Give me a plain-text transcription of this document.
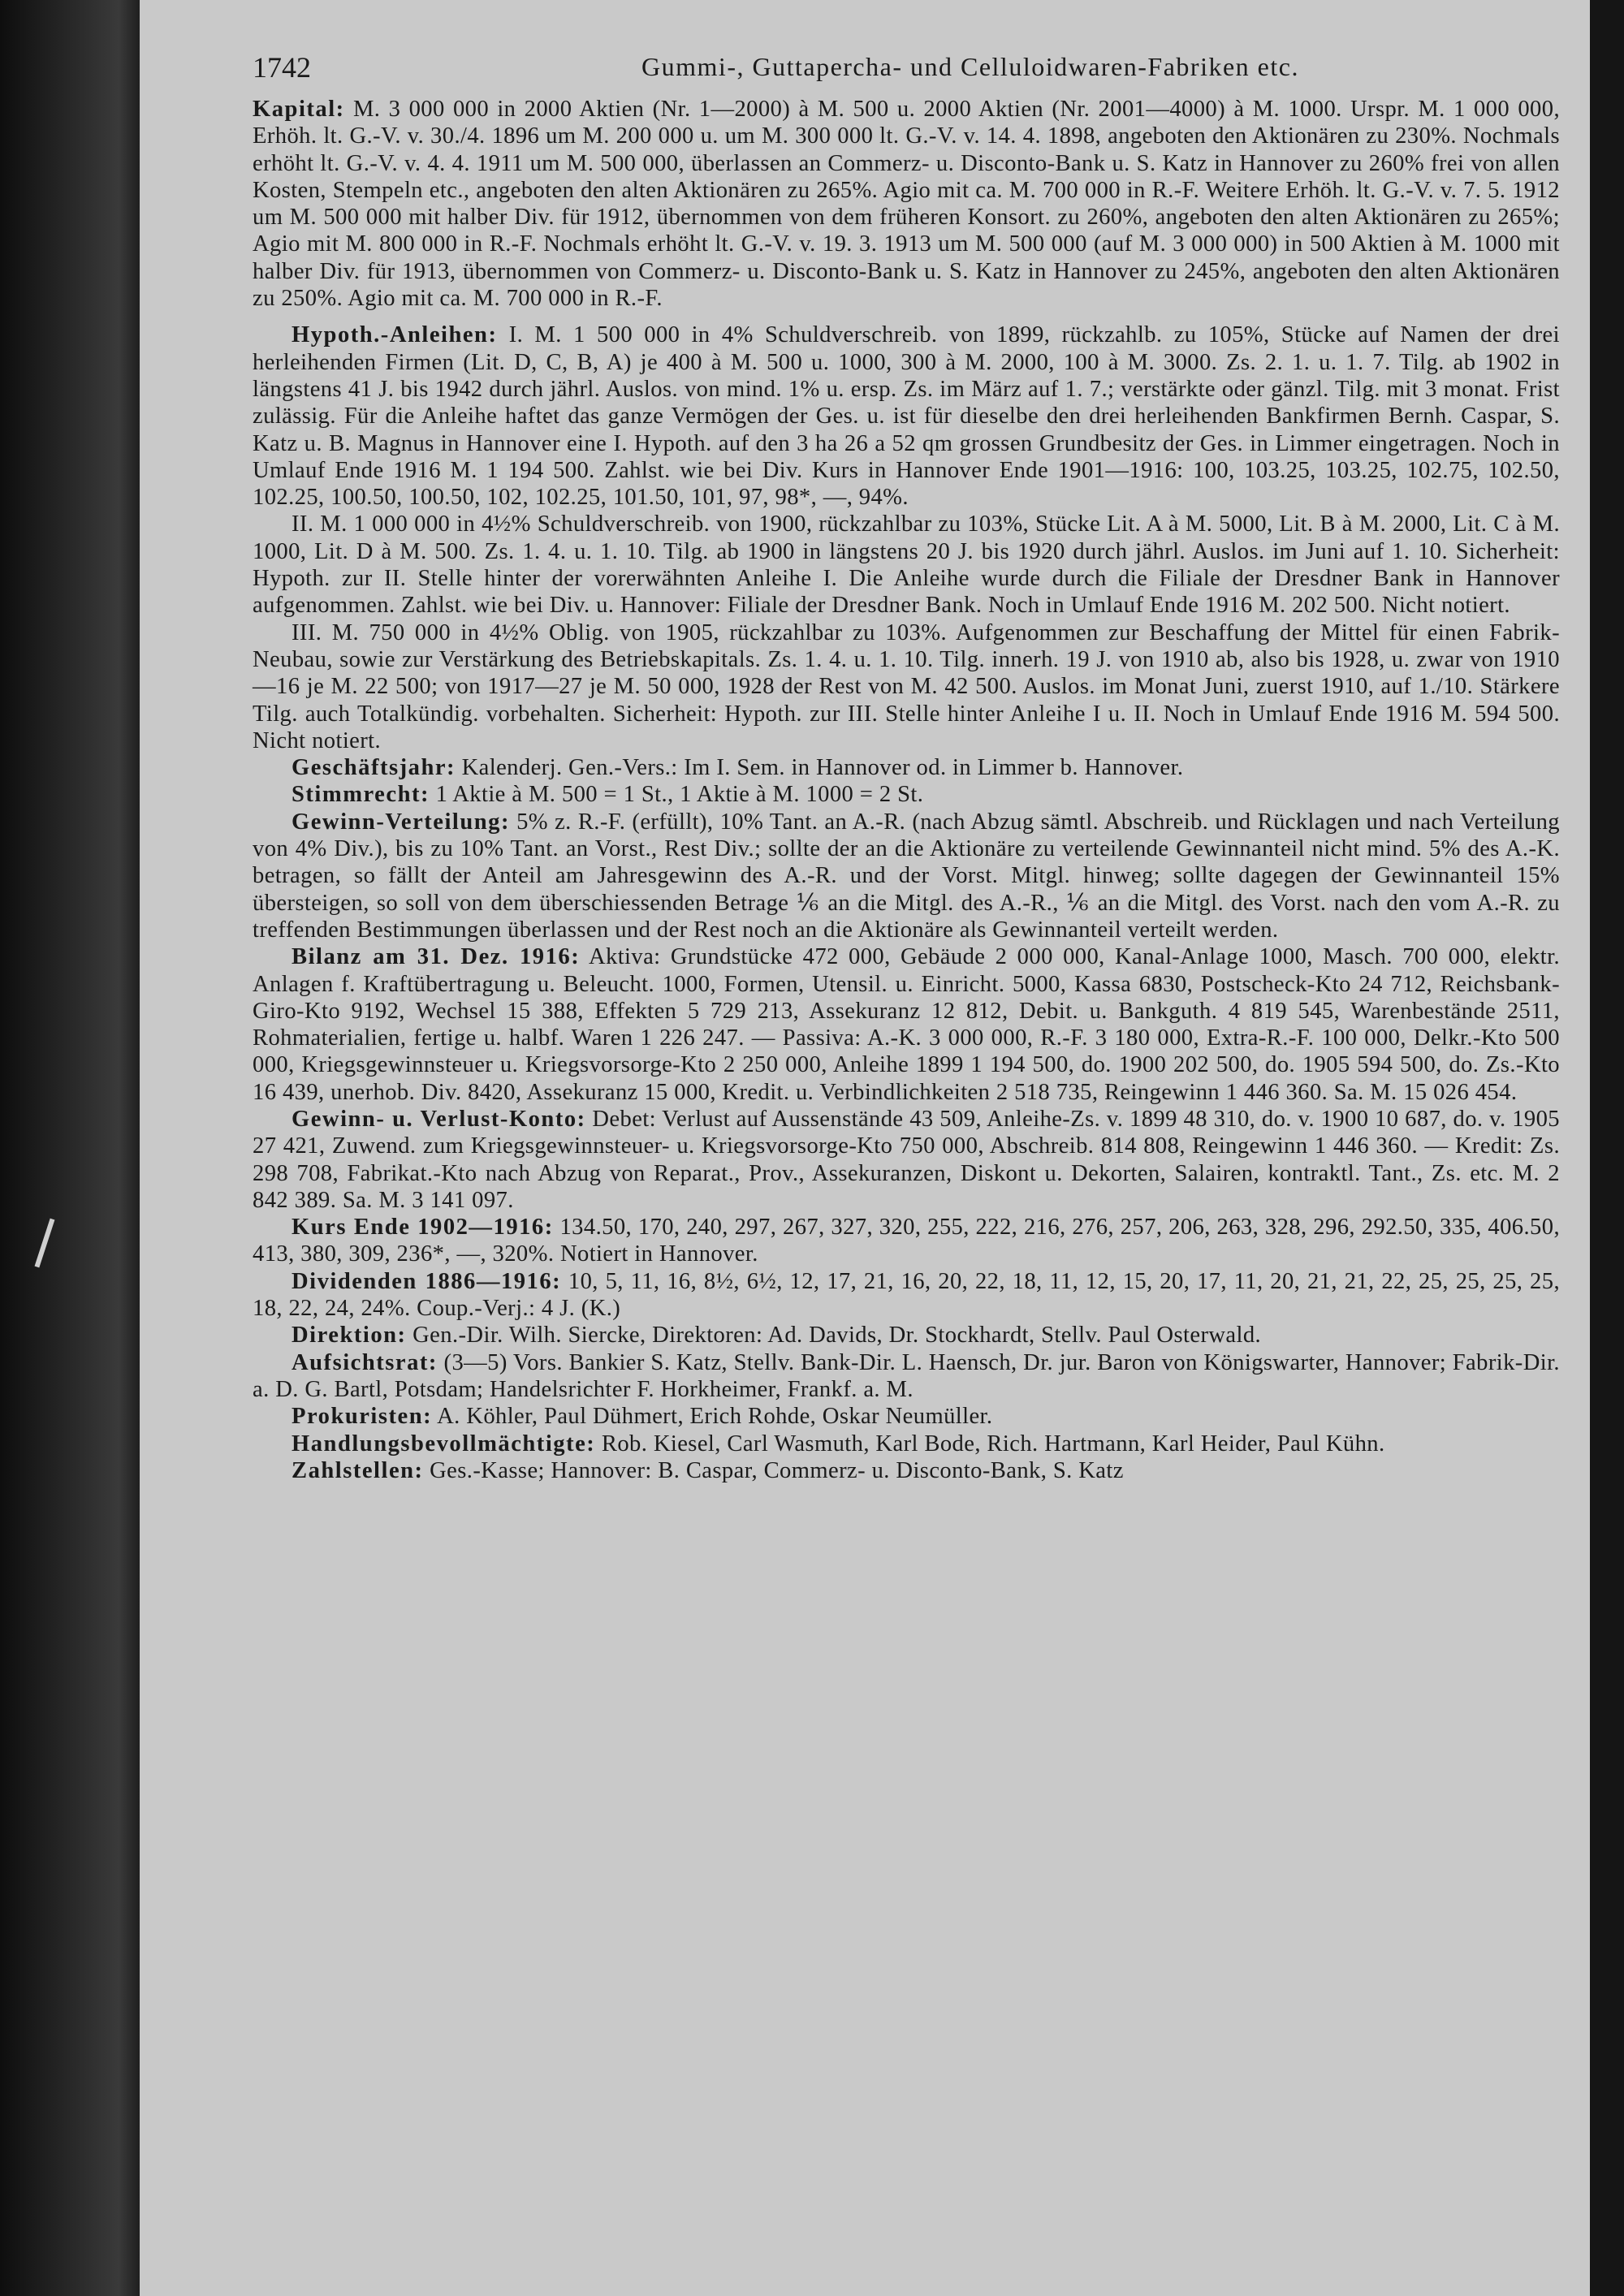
1742	Gummi-, Guttapercha- und Celluloidwaren-Fabriken etc.

Kapital: M. 3 000 000 in 2000 Aktien (Nr. 1—2000) à M. 500 u. 2000 Aktien (Nr. 2001—4000) à M. 1000. Urspr. M. 1 000 000, Erhöh. lt. G.-V. v. 30./4. 1896 um M. 200 000 u. um M. 300 000 lt. G.-V. v. 14. 4. 1898, angeboten den Aktionären zu 230%. Nochmals erhöht lt. G.-V. v. 4. 4. 1911 um M. 500 000, überlassen an Commerz- u. Disconto-Bank u. S. Katz in Hannover zu 260% frei von allen Kosten, Stempeln etc., angeboten den alten Aktionären zu 265%. Agio mit ca. M. 700 000 in R.-F. Weitere Erhöh. lt. G.-V. v. 7. 5. 1912 um M. 500 000 mit halber Div. für 1912, übernommen von dem früheren Konsort. zu 260%, angeboten den alten Aktionären zu 265%; Agio mit M. 800 000 in R.-F. Nochmals erhöht lt. G.-V. v. 19. 3. 1913 um M. 500 000 (auf M. 3 000 000) in 500 Aktien à M. 1000 mit halber Div. für 1913, übernommen von Commerz- u. Disconto-Bank u. S. Katz in Hannover zu 245%, angeboten den alten Aktionären zu 250%. Agio mit ca. M. 700 000 in R.-F.

Hypoth.-Anleihen: I. M. 1 500 000 in 4% Schuldverschreib. von 1899, rückzahlb. zu 105%, Stücke auf Namen der drei herleihenden Firmen (Lit. D, C, B, A) je 400 à M. 500 u. 1000, 300 à M. 2000, 100 à M. 3000. Zs. 2. 1. u. 1. 7. Tilg. ab 1902 in längstens 41 J. bis 1942 durch jährl. Auslos. von mind. 1% u. ersp. Zs. im März auf 1. 7.; verstärkte oder gänzl. Tilg. mit 3 monat. Frist zulässig. Für die Anleihe haftet das ganze Vermögen der Ges. u. ist für dieselbe den drei herleihenden Bankfirmen Bernh. Caspar, S. Katz u. B. Magnus in Hannover eine I. Hypoth. auf den 3 ha 26 a 52 qm grossen Grundbesitz der Ges. in Limmer eingetragen. Noch in Umlauf Ende 1916 M. 1 194 500. Zahlst. wie bei Div. Kurs in Hannover Ende 1901—1916: 100, 103.25, 103.25, 102.75, 102.50, 102.25, 100.50, 100.50, 102, 102.25, 101.50, 101, 97, 98*, —, 94%.

II. M. 1 000 000 in 4½% Schuldverschreib. von 1900, rückzahlbar zu 103%, Stücke Lit. A à M. 5000, Lit. B à M. 2000, Lit. C à M. 1000, Lit. D à M. 500. Zs. 1. 4. u. 1. 10. Tilg. ab 1900 in längstens 20 J. bis 1920 durch jährl. Auslos. im Juni auf 1. 10. Sicherheit: Hypoth. zur II. Stelle hinter der vorerwähnten Anleihe I. Die Anleihe wurde durch die Filiale der Dresdner Bank in Hannover aufgenommen. Zahlst. wie bei Div. u. Hannover: Filiale der Dresdner Bank. Noch in Umlauf Ende 1916 M. 202 500. Nicht notiert.

III. M. 750 000 in 4½% Oblig. von 1905, rückzahlbar zu 103%. Aufgenommen zur Beschaffung der Mittel für einen Fabrik-Neubau, sowie zur Verstärkung des Betriebskapitals. Zs. 1. 4. u. 1. 10. Tilg. innerh. 19 J. von 1910 ab, also bis 1928, u. zwar von 1910—16 je M. 22 500; von 1917—27 je M. 50 000, 1928 der Rest von M. 42 500. Auslos. im Monat Juni, zuerst 1910, auf 1./10. Stärkere Tilg. auch Totalkündig. vorbehalten. Sicherheit: Hypoth. zur III. Stelle hinter Anleihe I u. II. Noch in Umlauf Ende 1916 M. 594 500. Nicht notiert.

Geschäftsjahr: Kalenderj. Gen.-Vers.: Im I. Sem. in Hannover od. in Limmer b. Hannover.

Stimmrecht: 1 Aktie à M. 500 = 1 St., 1 Aktie à M. 1000 = 2 St.

Gewinn-Verteilung: 5% z. R.-F. (erfüllt), 10% Tant. an A.-R. (nach Abzug sämtl. Abschreib. und Rücklagen und nach Verteilung von 4% Div.), bis zu 10% Tant. an Vorst., Rest Div.; sollte der an die Aktionäre zu verteilende Gewinnanteil nicht mind. 5% des A.-K. betragen, so fällt der Anteil am Jahresgewinn des A.-R. und der Vorst. Mitgl. hinweg; sollte dagegen der Gewinnanteil 15% übersteigen, so soll von dem überschiessenden Betrage ⅙ an die Mitgl. des A.-R., ⅙ an die Mitgl. des Vorst. nach den vom A.-R. zu treffenden Bestimmungen überlassen und der Rest noch an die Aktionäre als Gewinnanteil verteilt werden.

Bilanz am 31. Dez. 1916: Aktiva: Grundstücke 472 000, Gebäude 2 000 000, Kanal-Anlage 1000, Masch. 700 000, elektr. Anlagen f. Kraftübertragung u. Beleucht. 1000, Formen, Utensil. u. Einricht. 5000, Kassa 6830, Postscheck-Kto 24 712, Reichsbank-Giro-Kto 9192, Wechsel 15 388, Effekten 5 729 213, Assekuranz 12 812, Debit. u. Bankguth. 4 819 545, Warenbestände 2511, Rohmaterialien, fertige u. halbf. Waren 1 226 247. — Passiva: A.-K. 3 000 000, R.-F. 3 180 000, Extra-R.-F. 100 000, Delkr.-Kto 500 000, Kriegsgewinnsteuer u. Kriegsvorsorge-Kto 2 250 000, Anleihe 1899 1 194 500, do. 1900 202 500, do. 1905 594 500, do. Zs.-Kto 16 439, unerhob. Div. 8420, Assekuranz 15 000, Kredit. u. Verbindlichkeiten 2 518 735, Reingewinn 1 446 360. Sa. M. 15 026 454.

Gewinn- u. Verlust-Konto: Debet: Verlust auf Aussenstände 43 509, Anleihe-Zs. v. 1899 48 310, do. v. 1900 10 687, do. v. 1905 27 421, Zuwend. zum Kriegsgewinnsteuer- u. Kriegsvorsorge-Kto 750 000, Abschreib. 814 808, Reingewinn 1 446 360. — Kredit: Zs. 298 708, Fabrikat.-Kto nach Abzug von Reparat., Prov., Assekuranzen, Diskont u. Dekorten, Salairen, kontraktl. Tant., Zs. etc. M. 2 842 389. Sa. M. 3 141 097.

Kurs Ende 1902—1916: 134.50, 170, 240, 297, 267, 327, 320, 255, 222, 216, 276, 257, 206, 263, 328, 296, 292.50, 335, 406.50, 413, 380, 309, 236*, —, 320%. Notiert in Hannover.

Dividenden 1886—1916: 10, 5, 11, 16, 8½, 6½, 12, 17, 21, 16, 20, 22, 18, 11, 12, 15, 20, 17, 11, 20, 21, 21, 22, 25, 25, 25, 25, 18, 22, 24, 24%. Coup.-Verj.: 4 J. (K.)

Direktion: Gen.-Dir. Wilh. Siercke, Direktoren: Ad. Davids, Dr. Stockhardt, Stellv. Paul Osterwald.

Aufsichtsrat: (3—5) Vors. Bankier S. Katz, Stellv. Bank-Dir. L. Haensch, Dr. jur. Baron von Königswarter, Hannover; Fabrik-Dir. a. D. G. Bartl, Potsdam; Handelsrichter F. Horkheimer, Frankf. a. M.

Prokuristen: A. Köhler, Paul Dühmert, Erich Rohde, Oskar Neumüller.

Handlungsbevollmächtigte: Rob. Kiesel, Carl Wasmuth, Karl Bode, Rich. Hartmann, Karl Heider, Paul Kühn.

Zahlstellen: Ges.-Kasse; Hannover: B. Caspar, Commerz- u. Disconto-Bank, S. Katz
